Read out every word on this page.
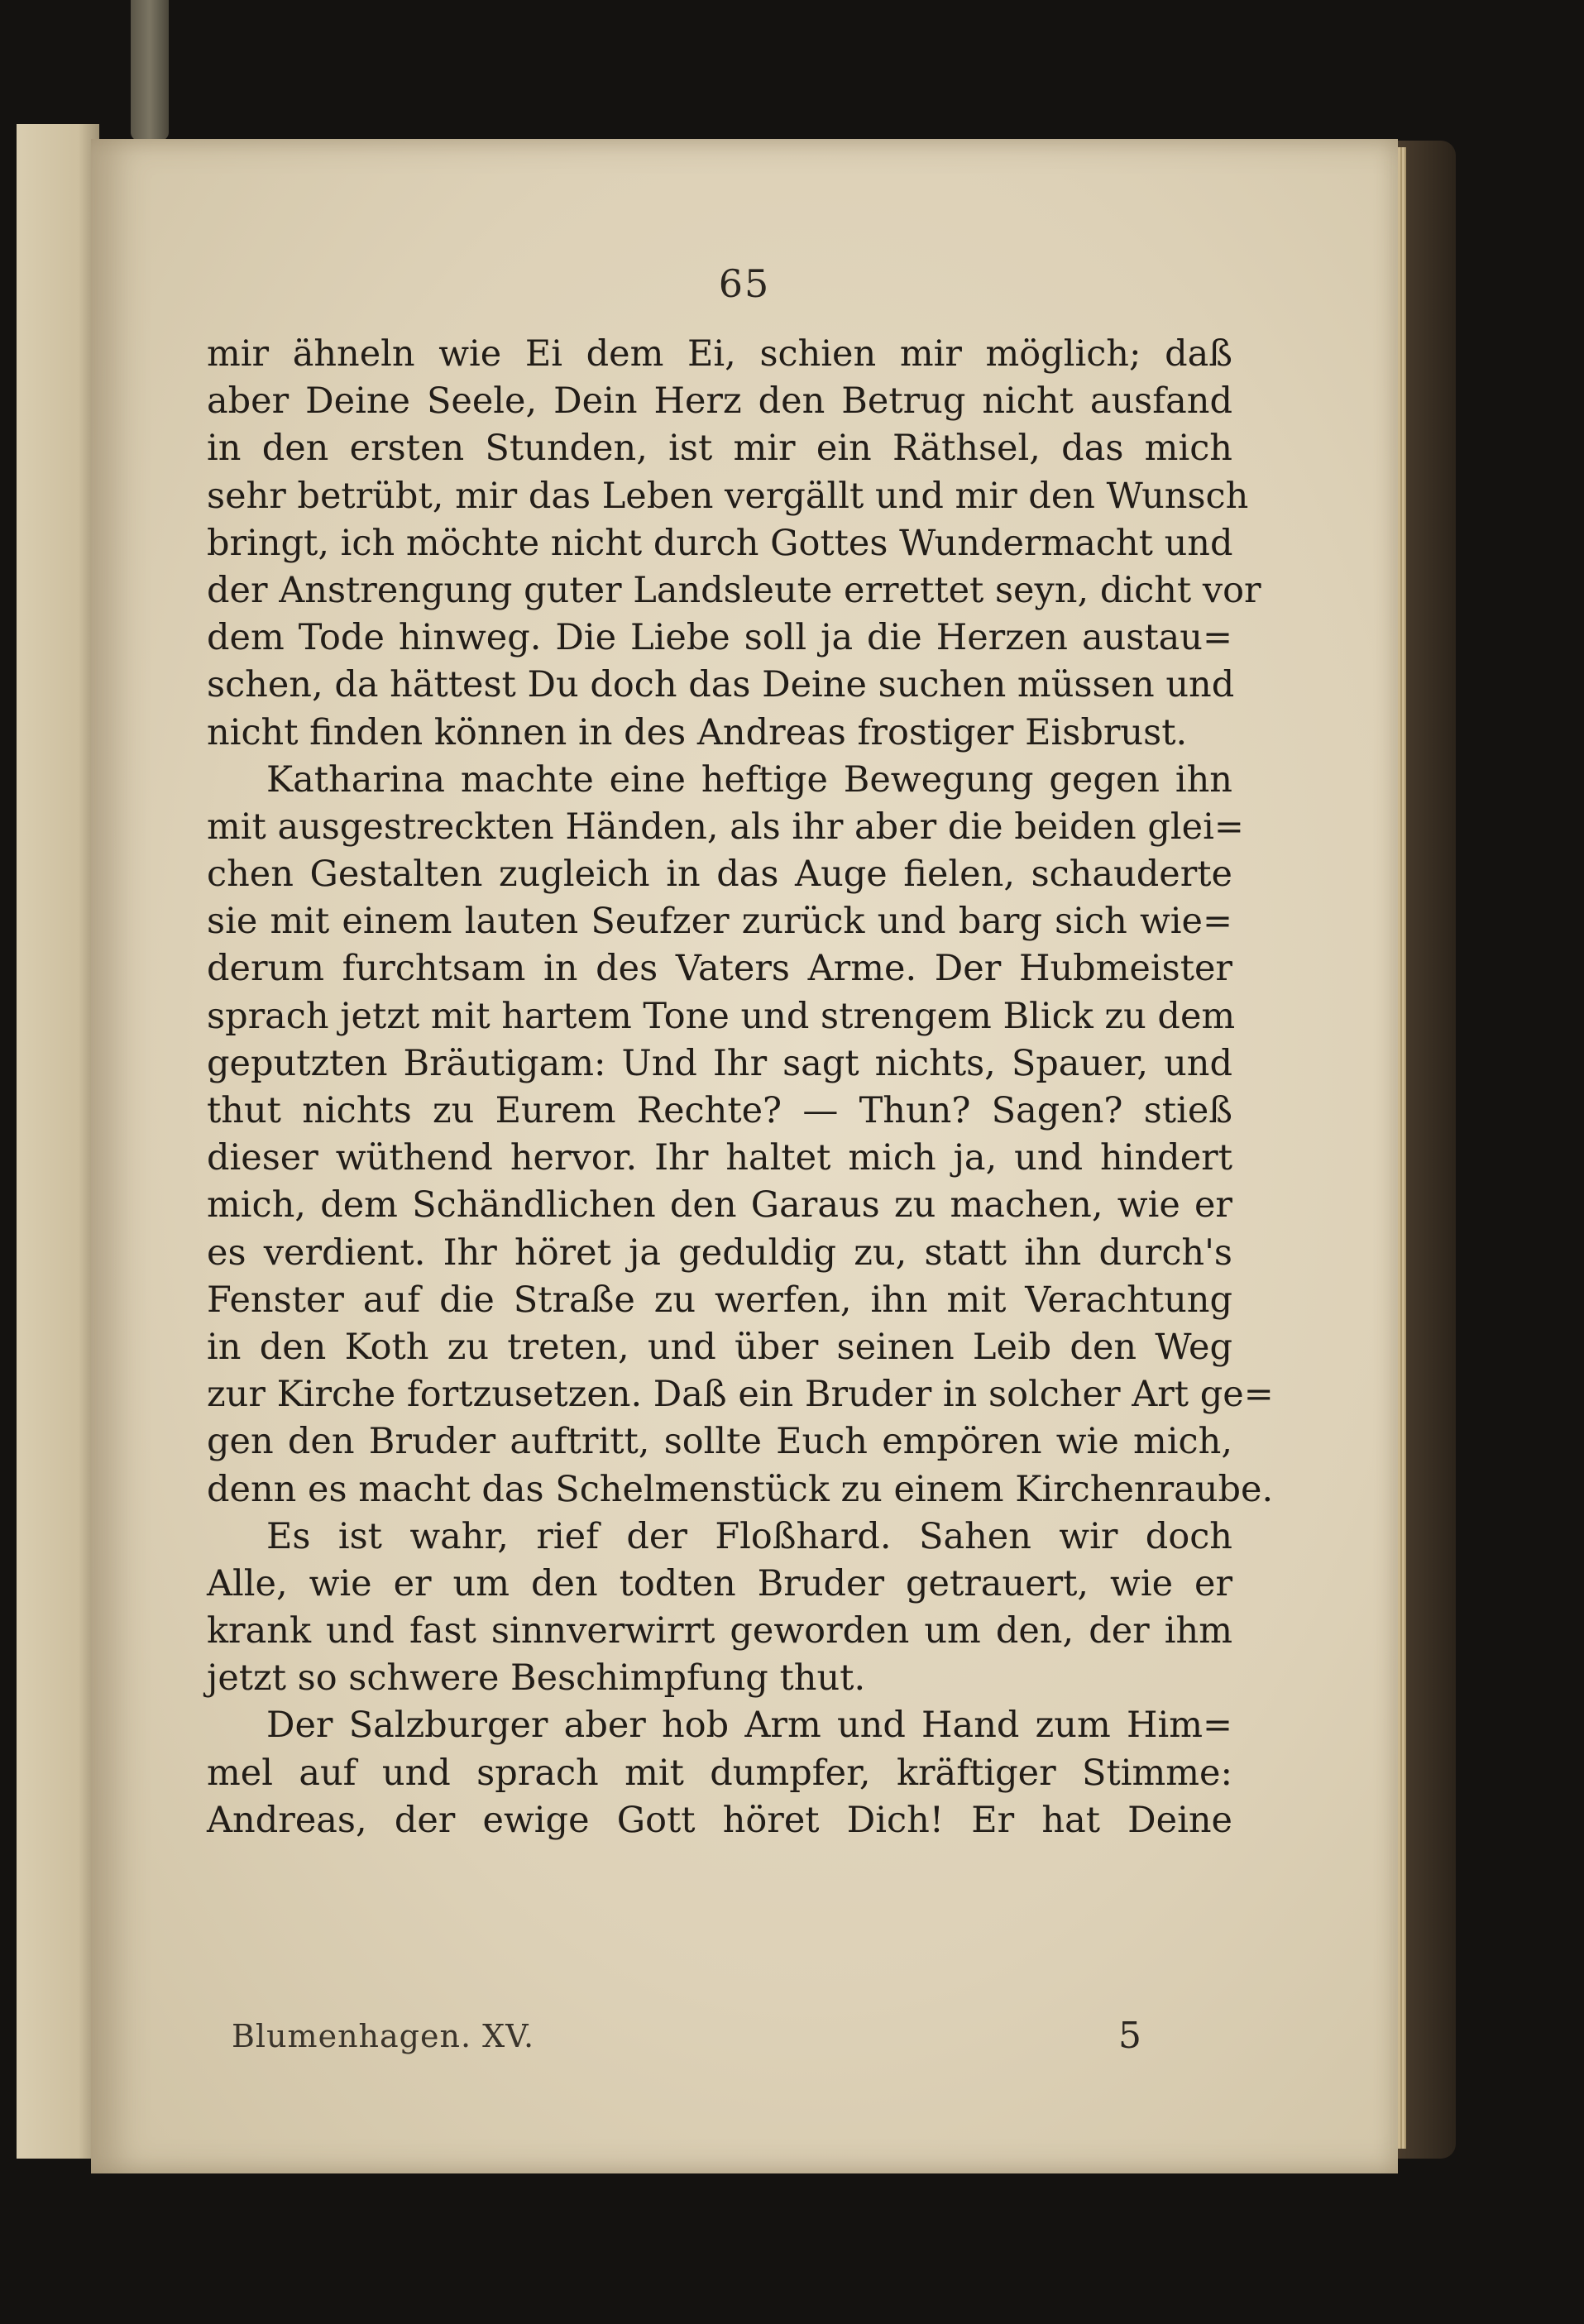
65
mir ähneln wie Ei dem Ei, schien mir möglich; daß
aber Deine Seele, Dein Herz den Betrug nicht ausfand
in den ersten Stunden, ist mir ein Räthsel, das mich
sehr betrübt, mir das Leben vergällt und mir den Wunsch
bringt, ich möchte nicht durch Gottes Wundermacht und
der Anstrengung guter Landsleute errettet seyn, dicht vor
dem Tode hinweg. Die Liebe soll ja die Herzen austau=
schen, da hättest Du doch das Deine suchen müssen und
nicht finden können in des Andreas frostiger Eisbrust.
Katharina machte eine heftige Bewegung gegen ihn
mit ausgestreckten Händen, als ihr aber die beiden glei=
chen Gestalten zugleich in das Auge fielen, schauderte
sie mit einem lauten Seufzer zurück und barg sich wie=
derum furchtsam in des Vaters Arme. Der Hubmeister
sprach jetzt mit hartem Tone und strengem Blick zu dem
geputzten Bräutigam: Und Ihr sagt nichts, Spauer, und
thut nichts zu Eurem Rechte? — Thun? Sagen? stieß
dieser wüthend hervor. Ihr haltet mich ja, und hindert
mich, dem Schändlichen den Garaus zu machen, wie er
es verdient. Ihr höret ja geduldig zu, statt ihn durch's
Fenster auf die Straße zu werfen, ihn mit Verachtung
in den Koth zu treten, und über seinen Leib den Weg
zur Kirche fortzusetzen. Daß ein Bruder in solcher Art ge=
gen den Bruder auftritt, sollte Euch empören wie mich,
denn es macht das Schelmenstück zu einem Kirchenraube.
Es ist wahr, rief der Floßhard. Sahen wir doch
Alle, wie er um den todten Bruder getrauert, wie er
krank und fast sinnverwirrt geworden um den, der ihm
jetzt so schwere Beschimpfung thut.
Der Salzburger aber hob Arm und Hand zum Him=
mel auf und sprach mit dumpfer, kräftiger Stimme:
Andreas, der ewige Gott höret Dich! Er hat Deine
Blumenhagen. XV.	5
